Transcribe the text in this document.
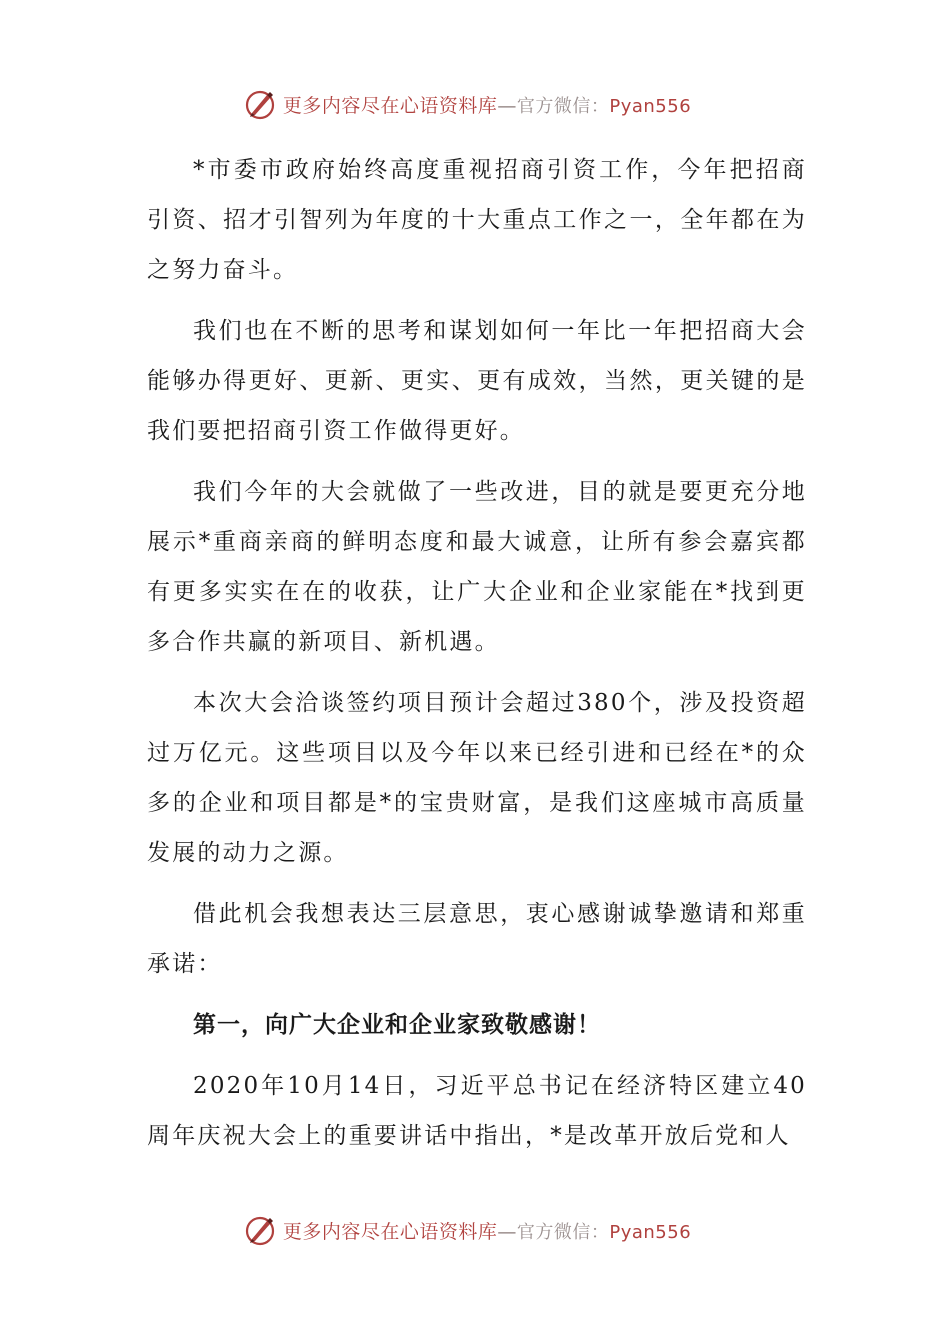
更多内容尽在心语资料库—官方微信：Pyan556

*市委市政府始终高度重视招商引资工作，今年把招商引资、招才引智列为年度的十大重点工作之一，全年都在为之努力奋斗。

我们也在不断的思考和谋划如何一年比一年把招商大会能够办得更好、更新、更实、更有成效，当然，更关键的是我们要把招商引资工作做得更好。

我们今年的大会就做了一些改进，目的就是要更充分地展示*重商亲商的鲜明态度和最大诚意，让所有参会嘉宾都有更多实实在在的收获，让广大企业和企业家能在*找到更多合作共赢的新项目、新机遇。

本次大会洽谈签约项目预计会超过380个，涉及投资超过万亿元。这些项目以及今年以来已经引进和已经在*的众多的企业和项目都是*的宝贵财富，是我们这座城市高质量发展的动力之源。

借此机会我想表达三层意思，衷心感谢诚挚邀请和郑重承诺：

第一，向广大企业和企业家致敬感谢！

2020年10月14日，习近平总书记在经济特区建立40周年庆祝大会上的重要讲话中指出，*是改革开放后党和人

更多内容尽在心语资料库—官方微信：Pyan556
